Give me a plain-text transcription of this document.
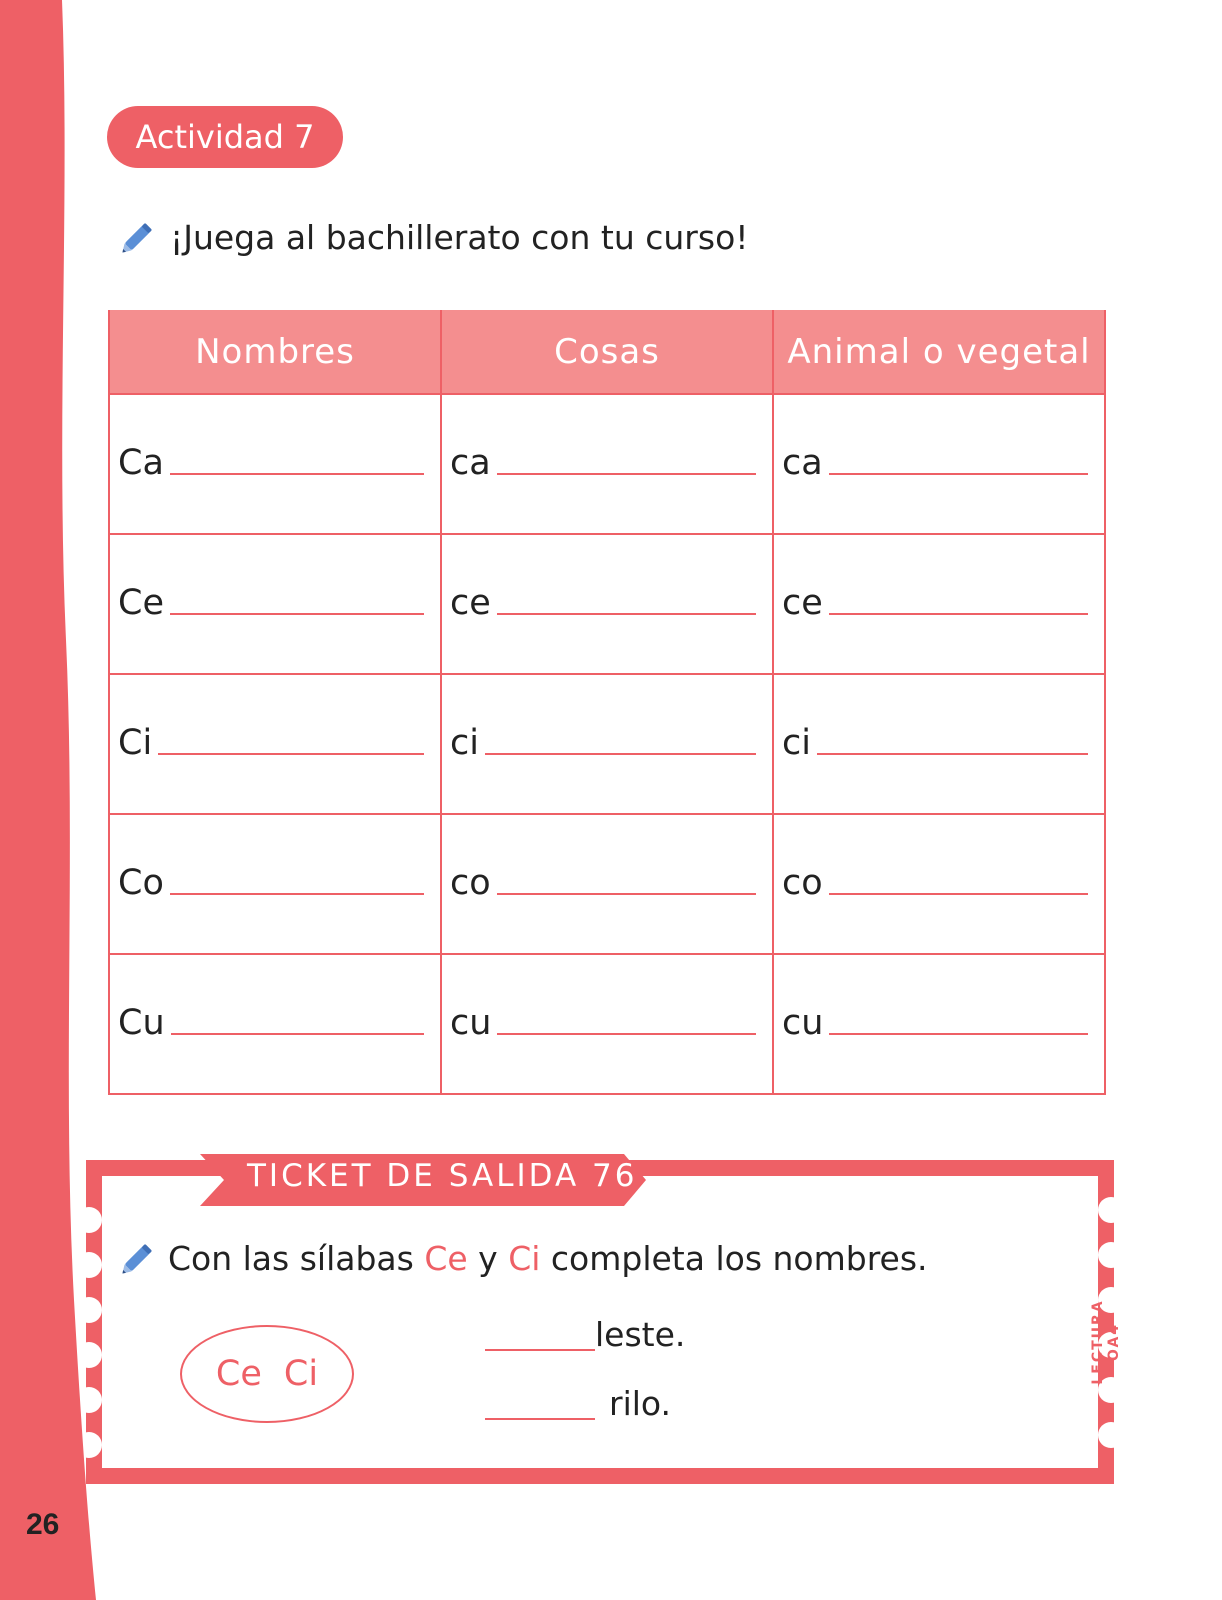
26
Actividad 7
¡Juega al bachillerato con tu curso!
Nombres	Cosas	Animal o vegetal

Ca	ca	ca

Ce	ce	ce

Ci	ci	ci

Co	co	co

Cu	cu	cu
TICKET DE SALIDA 76
Con las sílabas Ce y Ci completa los nombres.
Ce Ci
leste.
rilo.
LECTURA OA4
